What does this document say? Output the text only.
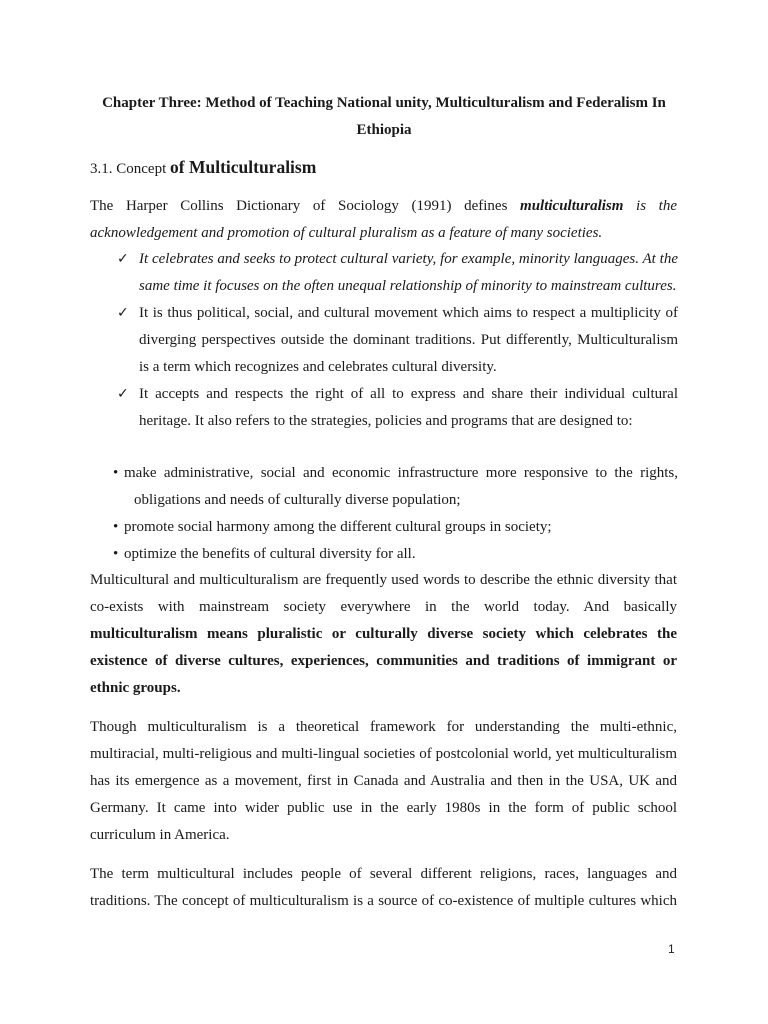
Chapter Three: Method of Teaching National unity, Multiculturalism and Federalism In Ethiopia
3.1. Concept of Multiculturalism
The Harper Collins Dictionary of Sociology (1991) defines multiculturalism is the acknowledgement and promotion of cultural pluralism as a feature of many societies.
✓ It celebrates and seeks to protect cultural variety, for example, minority languages. At the same time it focuses on the often unequal relationship of minority to mainstream cultures.
✓ It is thus political, social, and cultural movement which aims to respect a multiplicity of diverging perspectives outside the dominant traditions. Put differently, Multiculturalism is a term which recognizes and celebrates cultural diversity.
✓ It accepts and respects the right of all to express and share their individual cultural heritage. It also refers to the strategies, policies and programs that are designed to:
• make administrative, social and economic infrastructure more responsive to the rights, obligations and needs of culturally diverse population;
• promote social harmony among the different cultural groups in society;
• optimize the benefits of cultural diversity for all.
Multicultural and multiculturalism are frequently used words to describe the ethnic diversity that co-exists with mainstream society everywhere in the world today. And basically multiculturalism means pluralistic or culturally diverse society which celebrates the existence of diverse cultures, experiences, communities and traditions of immigrant or ethnic groups.
Though multiculturalism is a theoretical framework for understanding the multi-ethnic, multiracial, multi-religious and multi-lingual societies of postcolonial world, yet multiculturalism has its emergence as a movement, first in Canada and Australia and then in the USA, UK and Germany. It came into wider public use in the early 1980s in the form of public school curriculum in America.
The term multicultural includes people of several different religions, races, languages and traditions. The concept of multiculturalism is a source of co-existence of multiple cultures which
1
